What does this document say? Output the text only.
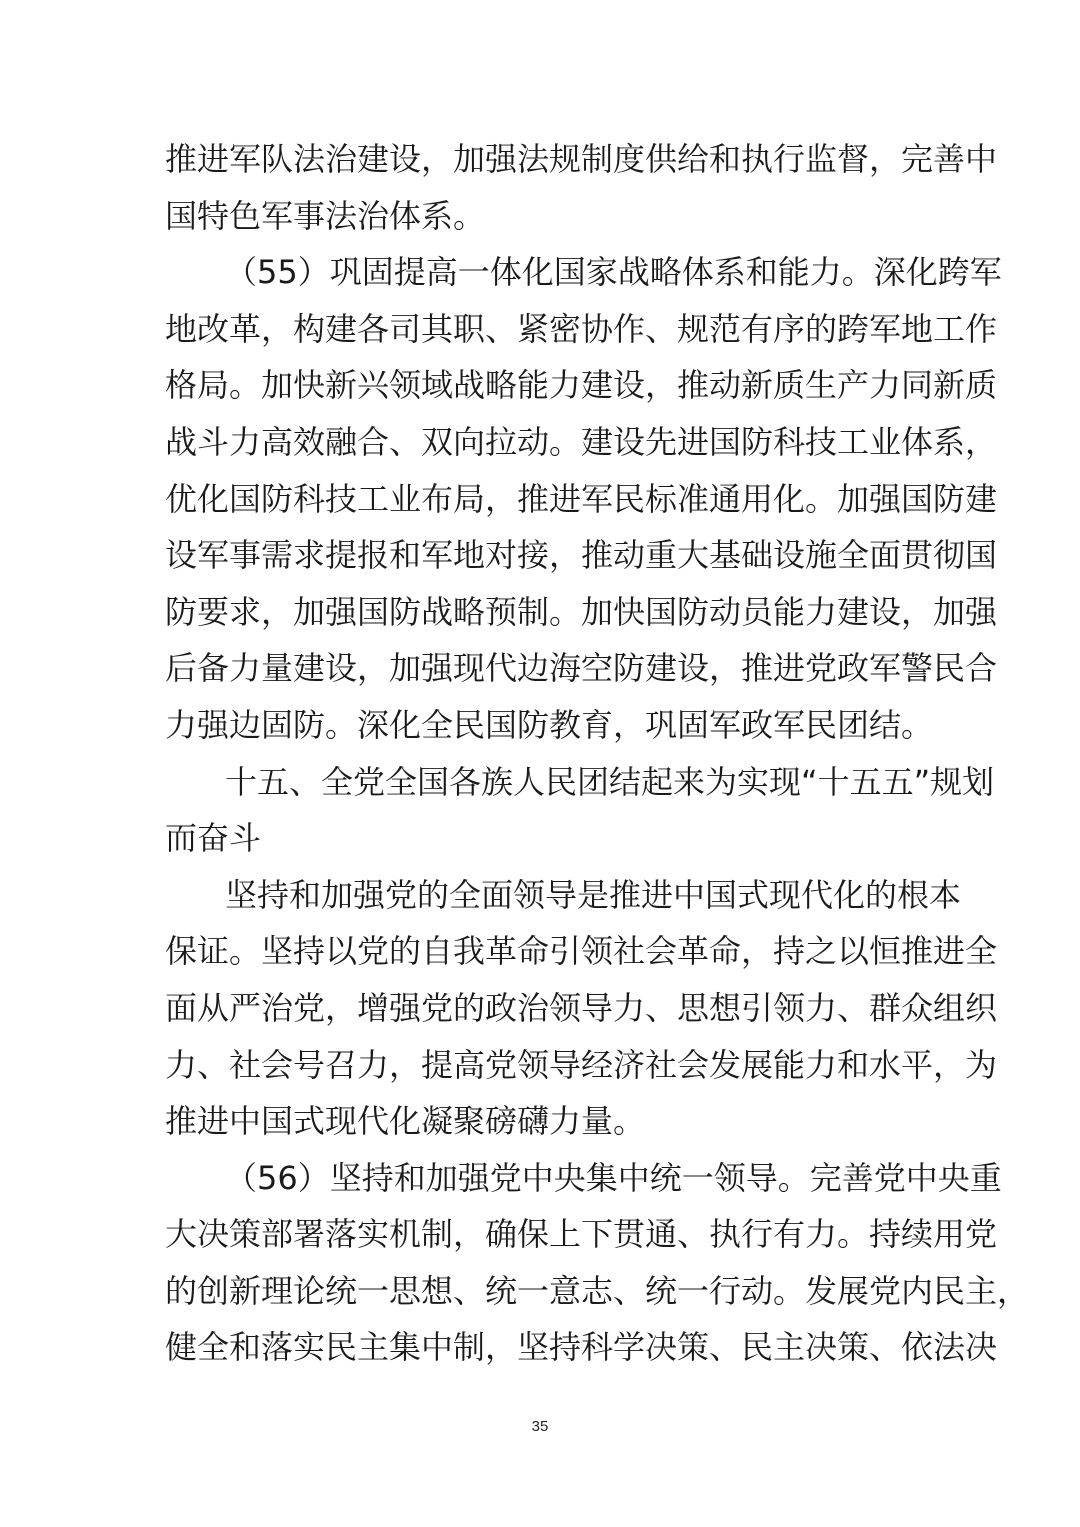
推进军队法治建设，加强法规制度供给和执行监督，完善中
国特色军事法治体系。
（55）巩固提高一体化国家战略体系和能力。深化跨军
地改革，构建各司其职、紧密协作、规范有序的跨军地工作
格局。加快新兴领域战略能力建设，推动新质生产力同新质
战斗力高效融合、双向拉动。建设先进国防科技工业体系，
优化国防科技工业布局，推进军民标准通用化。加强国防建
设军事需求提报和军地对接，推动重大基础设施全面贯彻国
防要求，加强国防战略预制。加快国防动员能力建设，加强
后备力量建设，加强现代边海空防建设，推进党政军警民合
力强边固防。深化全民国防教育，巩固军政军民团结。
十五、全党全国各族人民团结起来为实现“十五五”规划
而奋斗
坚持和加强党的全面领导是推进中国式现代化的根本
保证。坚持以党的自我革命引领社会革命，持之以恒推进全
面从严治党，增强党的政治领导力、思想引领力、群众组织
力、社会号召力，提高党领导经济社会发展能力和水平，为
推进中国式现代化凝聚磅礴力量。
（56）坚持和加强党中央集中统一领导。完善党中央重
大决策部署落实机制，确保上下贯通、执行有力。持续用党
的创新理论统一思想、统一意志、统一行动。发展党内民主，
健全和落实民主集中制，坚持科学决策、民主决策、依法决
35
